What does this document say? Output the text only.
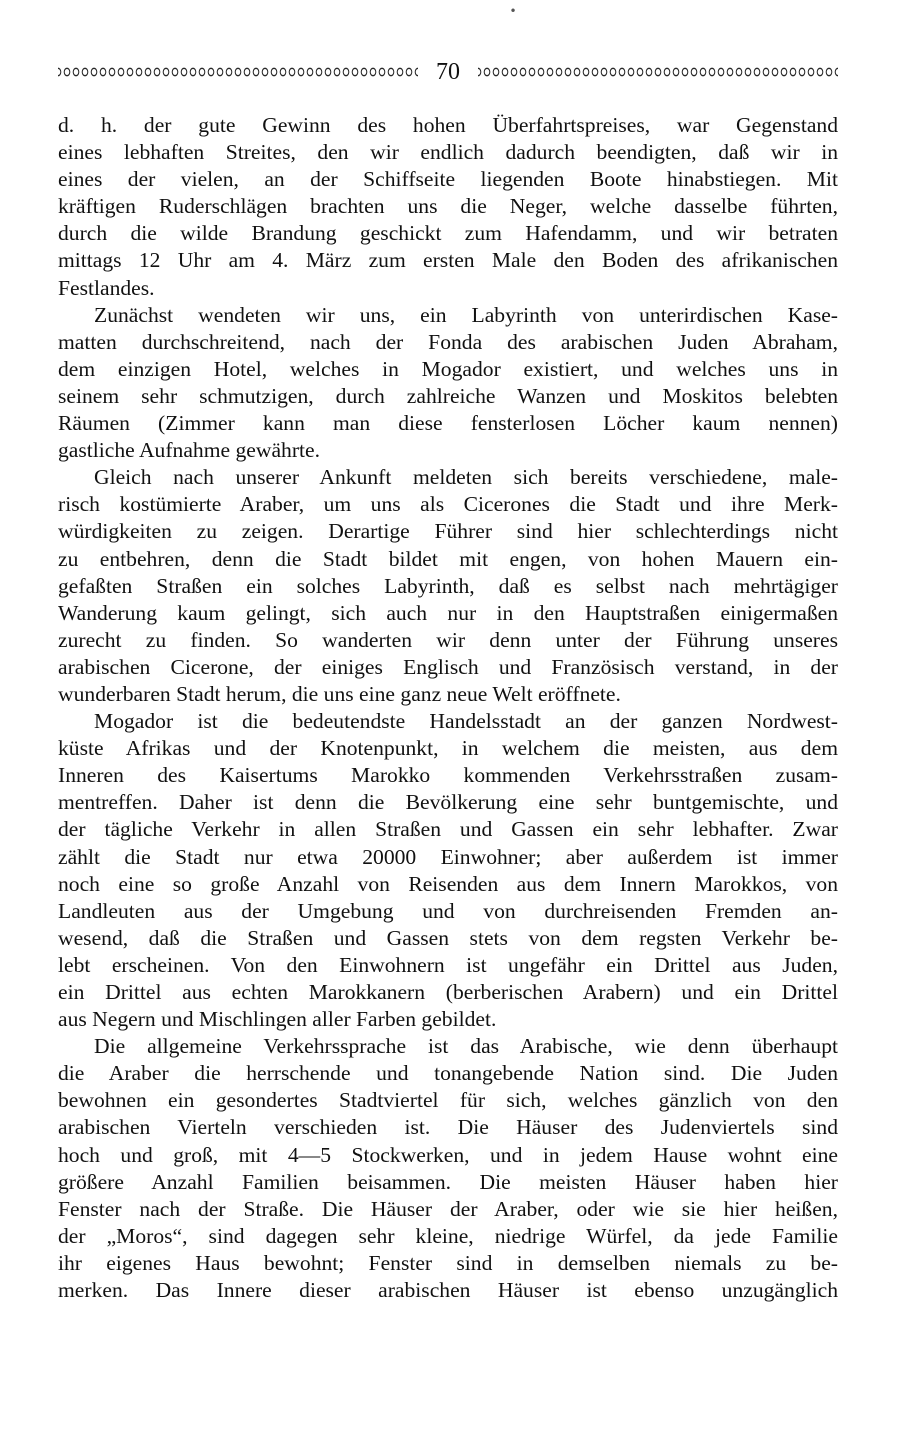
•
70
d. h. der gute Gewinn des hohen Überfahrtspreises, war Gegenstand
eines lebhaften Streites, den wir endlich dadurch beendigten, daß wir in
eines der vielen, an der Schiffseite liegenden Boote hinabstiegen. Mit
kräftigen Ruderschlägen brachten uns die Neger, welche dasselbe führten,
durch die wilde Brandung geschickt zum Hafendamm, und wir betraten
mittags 12 Uhr am 4. März zum ersten Male den Boden des afrikanischen
Festlandes.
Zunächst wendeten wir uns, ein Labyrinth von unterirdischen Kase-
matten durchschreitend, nach der Fonda des arabischen Juden Abraham,
dem einzigen Hotel, welches in Mogador existiert, und welches uns in
seinem sehr schmutzigen, durch zahlreiche Wanzen und Moskitos belebten
Räumen (Zimmer kann man diese fensterlosen Löcher kaum nennen)
gastliche Aufnahme gewährte.
Gleich nach unserer Ankunft meldeten sich bereits verschiedene, male-
risch kostümierte Araber, um uns als Cicerones die Stadt und ihre Merk-
würdigkeiten zu zeigen. Derartige Führer sind hier schlechterdings nicht
zu entbehren, denn die Stadt bildet mit engen, von hohen Mauern ein-
gefaßten Straßen ein solches Labyrinth, daß es selbst nach mehrtägiger
Wanderung kaum gelingt, sich auch nur in den Hauptstraßen einigermaßen
zurecht zu finden. So wanderten wir denn unter der Führung unseres
arabischen Cicerone, der einiges Englisch und Französisch verstand, in der
wunderbaren Stadt herum, die uns eine ganz neue Welt eröffnete.
Mogador ist die bedeutendste Handelsstadt an der ganzen Nordwest-
küste Afrikas und der Knotenpunkt, in welchem die meisten, aus dem
Inneren des Kaisertums Marokko kommenden Verkehrsstraßen zusam-
mentreffen. Daher ist denn die Bevölkerung eine sehr buntgemischte, und
der tägliche Verkehr in allen Straßen und Gassen ein sehr lebhafter. Zwar
zählt die Stadt nur etwa 20000 Einwohner; aber außerdem ist immer
noch eine so große Anzahl von Reisenden aus dem Innern Marokkos, von
Landleuten aus der Umgebung und von durchreisenden Fremden an-
wesend, daß die Straßen und Gassen stets von dem regsten Verkehr be-
lebt erscheinen. Von den Einwohnern ist ungefähr ein Drittel aus Juden,
ein Drittel aus echten Marokkanern (berberischen Arabern) und ein Drittel
aus Negern und Mischlingen aller Farben gebildet.
Die allgemeine Verkehrssprache ist das Arabische, wie denn überhaupt
die Araber die herrschende und tonangebende Nation sind. Die Juden
bewohnen ein gesondertes Stadtviertel für sich, welches gänzlich von den
arabischen Vierteln verschieden ist. Die Häuser des Judenviertels sind
hoch und groß, mit 4—5 Stockwerken, und in jedem Hause wohnt eine
größere Anzahl Familien beisammen. Die meisten Häuser haben hier
Fenster nach der Straße. Die Häuser der Araber, oder wie sie hier heißen,
der „Moros“, sind dagegen sehr kleine, niedrige Würfel, da jede Familie
ihr eigenes Haus bewohnt; Fenster sind in demselben niemals zu be-
merken. Das Innere dieser arabischen Häuser ist ebenso unzugänglich
